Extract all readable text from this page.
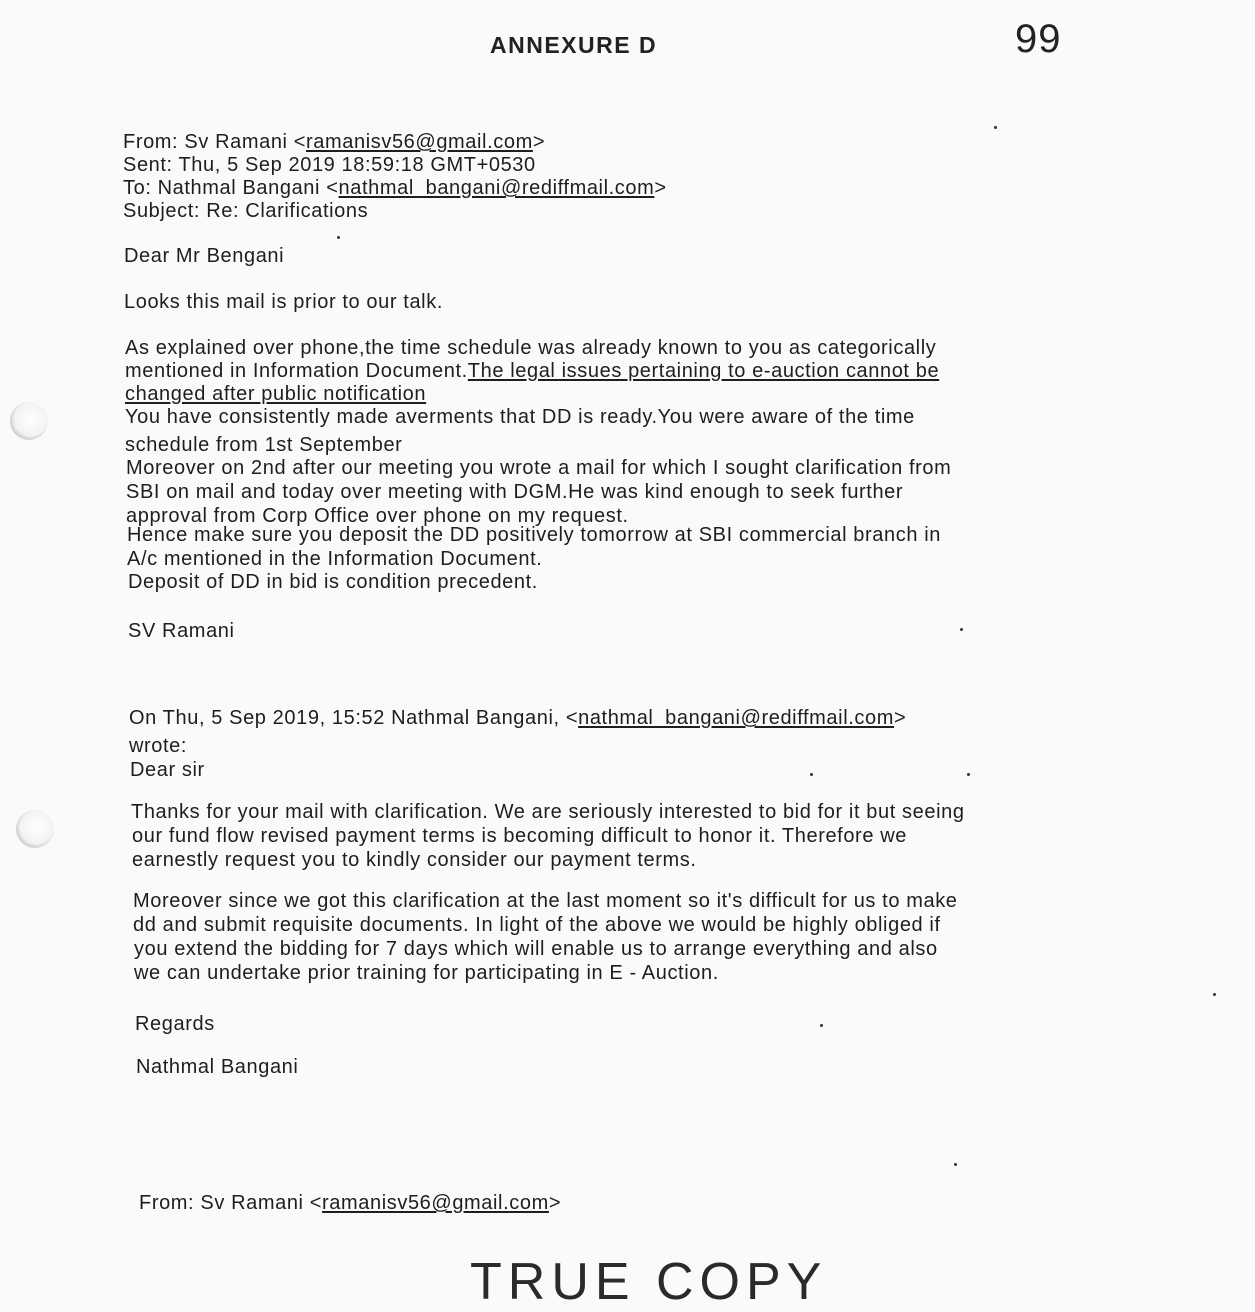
ANNEXURE D	99
From: Sv Ramani <ramanisv56@gmail.com>
Sent: Thu, 5 Sep 2019 18:59:18 GMT+0530
To: Nathmal Bangani <nathmal_bangani@rediffmail.com>
Subject: Re: Clarifications
Dear Mr Bengani
Looks this mail is prior to our talk.
As explained over phone,the time schedule was already known to you as categorically
mentioned in Information Document.The legal issues pertaining to e-auction cannot be
changed after public notification
You have consistently made averments that DD is ready.You were aware of the time
schedule from 1st September
Moreover on 2nd after our meeting you wrote a mail for which I sought clarification from
SBI on mail and today over meeting with DGM.He was kind enough to seek further
approval from Corp Office over phone on my request.
Hence make sure you deposit the DD positively tomorrow at SBI commercial branch in
A/c mentioned in the Information Document.
Deposit of DD in bid is condition precedent.
SV Ramani
On Thu, 5 Sep 2019, 15:52 Nathmal Bangani, <nathmal_bangani@rediffmail.com>
wrote:
Dear sir
Thanks for your mail with clarification. We are seriously interested to bid for it but seeing
our fund flow revised payment terms is becoming difficult to honor it. Therefore we
earnestly request you to kindly consider our payment terms.
Moreover since we got this clarification at the last moment so it's difficult for us to make
dd and submit requisite documents. In light of the above we would be highly obliged if
you extend the bidding for 7 days which will enable us to arrange everything and also
we can undertake prior training for participating in E - Auction.
Regards
Nathmal Bangani
From: Sv Ramani <ramanisv56@gmail.com>
TRUE COPY
